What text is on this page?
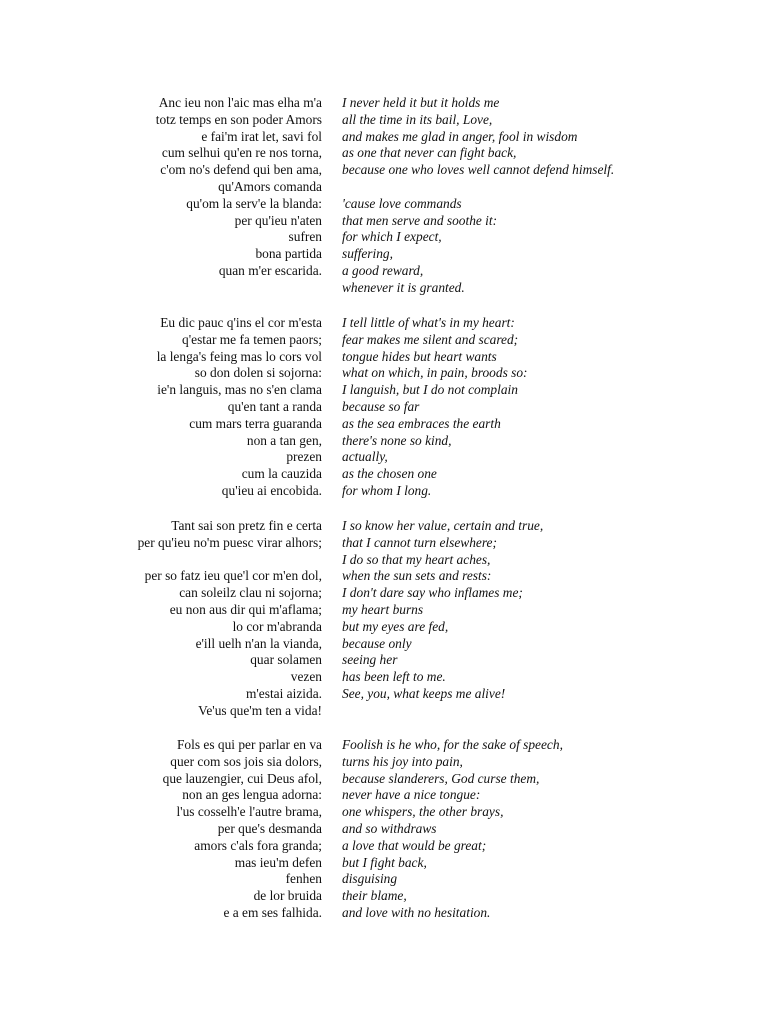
Anc ieu non l'aic mas elha m'a I never held it but it holds me
totz temps en son poder Amors all the time in its bail, Love,
e fai'm irat let, savi fol and makes me glad in anger, fool in wisdom
cum selhui qu'en re nos torna, as one that never can fight back,
c'om no's defend qui ben ama, because one who loves well cannot defend himself.
qu'Amors comanda
qu'om la serv'e la blanda: 'cause love commands
per qu'ieu n'aten that men serve and soothe it:
sufren for which I expect,
bona partida suffering,
quan m'er escarida. a good reward,
whenever it is granted.
Eu dic pauc q'ins el cor m'esta I tell little of what's in my heart:
q'estar me fa temen paors; fear makes me silent and scared;
la lenga's feing mas lo cors vol tongue hides but heart wants
so don dolen si sojorna: what on which, in pain, broods so:
ie'n languis, mas no s'en clama I languish, but I do not complain
qu'en tant a randa because so far
cum mars terra guaranda as the sea embraces the earth
non a tan gen, there's none so kind,
prezen actually,
cum la cauzida as the chosen one
qu'ieu ai encobida. for whom I long.
Tant sai son pretz fin e certa I so know her value, certain and true,
per qu'ieu no'm puesc virar alhors; that I cannot turn elsewhere;
I do so that my heart aches,
per so fatz ieu que'l cor m'en dol, when the sun sets and rests:
can soleilz clau ni sojorna; I don't dare say who inflames me;
eu non aus dir qui m'aflama; my heart burns
lo cor m'abranda but my eyes are fed,
e'ill uelh n'an la vianda, because only
quar solamen seeing her
vezen has been left to me.
m'estai aizida. See, you, what keeps me alive!
Ve'us que'm ten a vida!
Fols es qui per parlar en va Foolish is he who, for the sake of speech,
quer com sos jois sia dolors, turns his joy into pain,
que lauzengier, cui Deus afol, because slanderers, God curse them,
non an ges lengua adorna: never have a nice tongue:
l'us cosselh'e l'autre brama, one whispers, the other brays,
per que's desmanda and so withdraws
amors c'als fora granda; a love that would be great;
mas ieu'm defen but I fight back,
fenhen disguising
de lor bruida their blame,
e a em ses falhida. and love with no hesitation.
